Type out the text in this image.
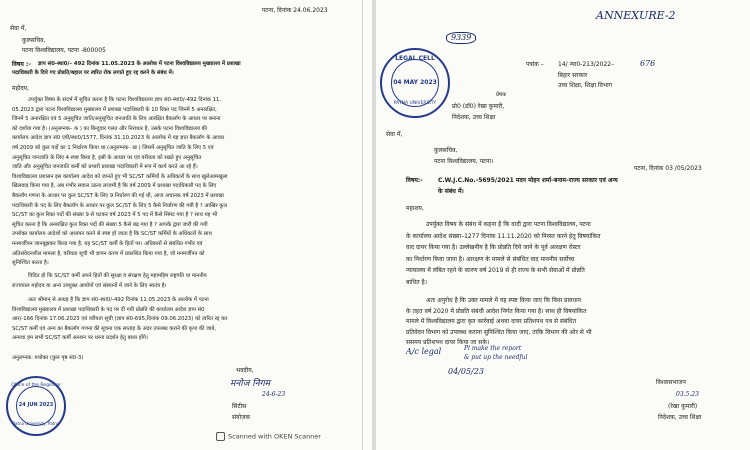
पटना, दिनांक 24.06.2023
सेवा में,
कुलसचिव,
पटना विश्वविद्यालय, पटना -800005
विषय :- ज्ञाप सं0-स्था0/– 492 दिनांक 11.05.2023 के आलोक में पटना विश्वविद्यालय मुख्यालय में प्रशाखा
पदाधिकारी के दिये गए प्रोन्नति/बहाल पर त्वरित रोक लगाते हुए रद्द करने के संबंध में।
महोदय,
उपर्युक्त विषय के संदर्भ में सूचित करना है कि पटना विश्वविद्यालय ज्ञाप सं0-स्था0/-492 दिनांक 11.
05.2023 द्वारा पटना विश्वविद्यालय मुख्यालय में प्रशाखा पदाधिकारी के 10 रिक्त पद जिनमें 5 अनारक्षित,
जिनमें 5 अनारक्षित एवं 5 अनुसूचित जाति/अनुसूचित जनजाति के लिए आरक्षित बैकलॉग के आधार पर बनाना
को दर्शाया गया है। (अनुलग्नक– क ) का बिन्दुवार गलत और निराधार है, उसके पटना विश्वविद्यालय की
कार्यालय आदेश ज्ञाप सं0 एवी/स्था0/1577, दिनांक 31.10.2023 के आलोक में यह ज्ञात बैकलॉग के आधार
वर्ष 2009 को कुल पदों का 1 निर्धारण किया था (अनुलग्नक– ख ) जिसमें अनुसूचित जाति के लिए 5 एवं
अनुसूचित जनजाति के लिए 4 स्पष्ट किया है, इसी के आधार पर एवं वरीयता को रखते हुए अनुसूचित
जाति और अनुसूचित जनजाति कर्मी को प्रभारी प्रशाखा पदाधिकारी में रूप में कार्य करते आ रहे हैं।
विश्वविद्यालय प्रशासन इस कार्यालय आदेश को जानते हुए भी SC/ST कर्मियों के अधिकारों के साथ खुलेआमखुला
खिलवाड़ किया गया है, अब गंभीर सवाल उठना लाजमी है कि वर्ष 2009 में प्रशाखा पदाधिकारी पद के लिए
बैकलॉग गणना के आधार पर कुल SC/ST के लिए 9 निर्धारण की गई थी, आज अचानक वर्ष 2023 में प्रशाखा
पदाधिकारी के पद के लिए बैकलॉग के आधार पर कुल SC/ST के लिए 5 कैसे निर्धारण की गयी है ? आखिर कुल
SC/ST का कुल रिक्त पदों की संख्या 9 से घटकर वर्ष 2023 में 5 पद में कैसे सिमट गया है ? साथ यह भी
सूचित करना है कि अनारक्षित कुल रिक्त पदों की संख्या 5 कैसे बढ़ गया है ? आपके द्वारा जारी की गयी
उपरोक्त कार्यालय आदेशों को अध्ययन करने से स्पष्ट हो जाता है कि SC/ST कर्मियों के अधिकारों के साथ
मनमर्जीपन जानबूझकर किया गया है, यह SC/ST कर्मी के हितों पर। अधिकारों से संबंधित गंभीर एवं
अतिसंवेदनशील मामला है, वरीयता सूची भी ज्ञापन करण में प्रकाशित किया गया है, जो मनमर्जीपन को
सुनिश्चित करता है।
विदित हो कि SC/ST कर्मी अपने हितों की सुरक्षा व संरक्षण हेतु महामहिम राष्ट्रपति या माननीय
राज्यपाल महोदय या अन्य उपयुक्त आयोगों एवं संस्थानों में जाने के लिए स्वतंत्र है।
अतः श्रीमान् से आग्रह है कि ज्ञाप सं0-स्था0/-492 दिनांक 11.05.2023 के आलोक में पटना
विश्वविद्यालय मुख्यालय में प्रशाखा पदाधिकारी के पद पर दी गयी प्रोन्नति की कार्यालय आदेश ज्ञाप सं0
आर/-166 दिनांक 17.06.2023 एवं वरीयता सूची (ज्ञाप सं0-695,दिनांक 09.06.2023) को त्वरित रद्द कर
SC/ST कर्मी एवं अन्य का बैकलॉग गणना की सूचना एक सप्ताह के अंदर उपलब्ध कराने की कृपा की जाये,
अन्यथा हम सभी SC/ST कर्मी अनशन पर धरना प्रदर्शन हेतु बाध्य होंगे।
अनुलग्नक: यथोक्त (कुल पृष्ठ सं0-3)
भवदीय,
मनोज निगम
24-6-23
सिटीस
संयोजक
Office of the Registrar
24 JUN 2023
Patna University, Patna
Scanned with OKEN Scanner
ANNEXURE-2
9339
LEGAL CELL
04 MAY 2023
PATNA UNIVERSITY
पत्रांक – 14/ न्या0-213/2022–	676
बिहार सरकार
उच्च शिक्षा, शिक्षा विभाग
प्रेषक
प्रो0 (डॉ0) रेखा कुमारी,
निदेशक, उच्च शिक्षा
सेवा में,
कुलसचिव,
पटना विश्वविद्यालय, पटना।
पटना, दिनांक 03 /05/2023
विषय:-	C.W.J.C.No.-5695/2021 मदन मोहन शर्मा–बनाम–राज्य सरकार एवं अन्य
के संबंध में।
महाशय,
उपर्युक्त विषय के संबंध में कहना है कि वादी द्वारा पटना विश्वविद्यालय, पटना
के कार्यालय आदेश संख्या–1277 दिनांक 11.11.2020 को निरस्त करने हेतु विषयांकित
वाद दायर किया गया है। उल्लेखनीय है कि प्रोन्नति दिये जाने के पूर्व आरक्षण रोस्टर
का निर्धारण किया जाना है। आरक्षण के मामले से संबंधित वाद माननीय सर्वोच्च
न्यायालय में लंबित रहने के कारण वर्ष 2019 से ही राज्य के सभी सेवाओं में प्रोन्नति
बाधित है।
अतः अनुरोध है कि उक्त मामले में यह स्पष्ट किया जाए कि किस प्रावधान
के तहत वर्ष 2020 में प्रोन्नति संबंधी आदेश निर्गत किया गया है। साथ ही विषयांकित
मामले में विश्वविद्यालय द्वारा कृत कार्रवाई अथवा दायर प्रतिशपथ पत्र से संबंधित
प्रतिवेदन विभाग को उपलब्ध कराना सुनिश्चित किया जाए, ताकि विभाग की ओर से भी
ससमय प्रतिशपथ दायर किया जा सके।
A/c legal	Pl make the report
& put up the needful
04/05/23
विश्वासभाजन
03.5.23
(रेखा कुमारी)
निदेशक, उच्च शिक्षा
